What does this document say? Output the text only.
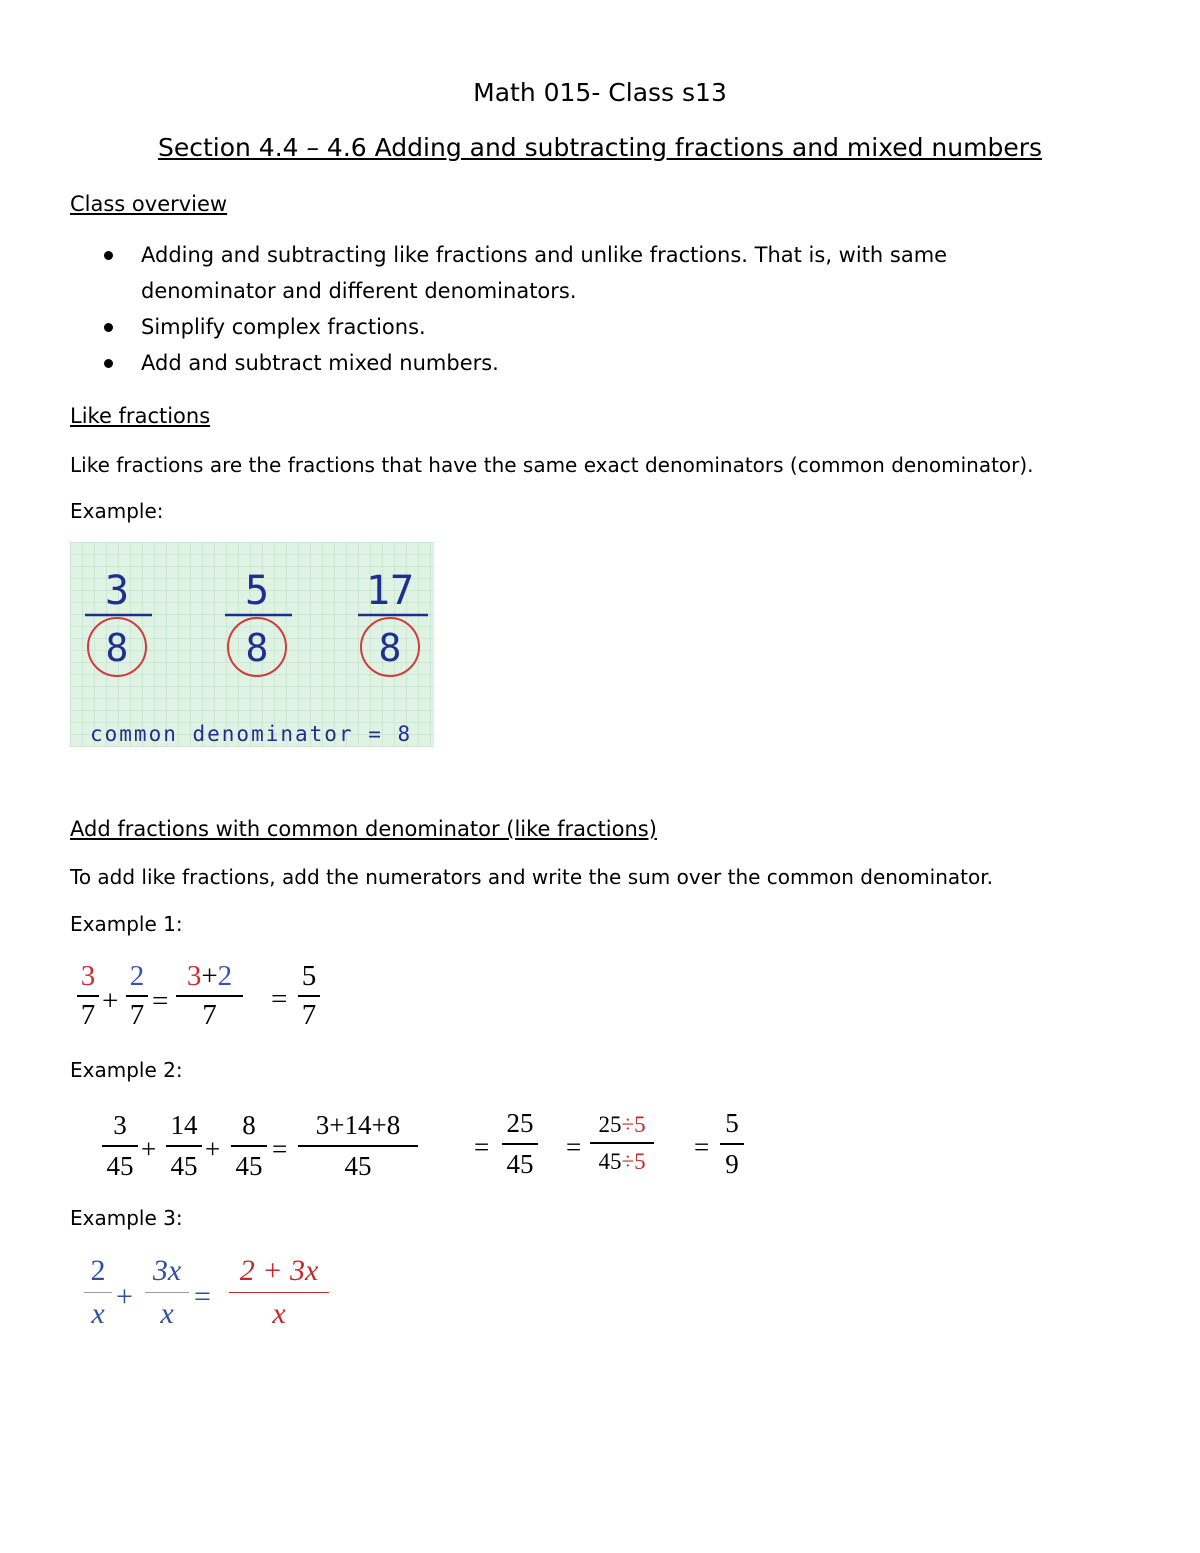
Math 015- Class s13
Section 4.4 – 4.6 Adding and subtracting fractions and mixed numbers
Class overview
Adding and subtracting like fractions and unlike fractions. That is, with same
denominator and different denominators.
Simplify complex fractions.
Add and subtract mixed numbers.
Like fractions
Like fractions are the fractions that have the same exact denominators (common denominator).
Example:
3	5 17
8	8	8
common denominator = 8
Add fractions with common denominator (like fractions)
To add like fractions, add the numerators and write the sum over the common denominator.
Example 1:
3
7 +
2
7 =
3+2
7 =
5
7
Example 2:
3
45
+
14
45
+
8
45
=
3+14+8
45
=
25
45
=
25÷5
45÷5 =
5
9
Example 3:
2
x
+
3x
x
=
2 + 3x
x
